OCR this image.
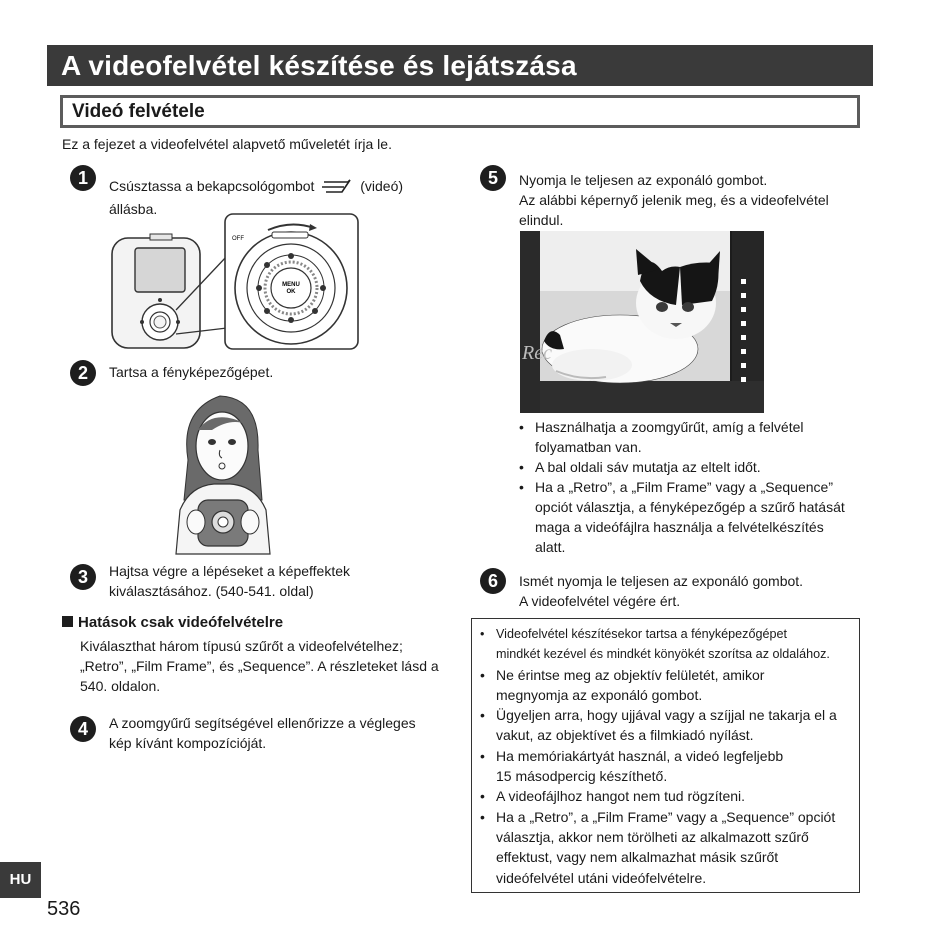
A videofelvétel készítése és lejátszása
Videó felvétele
Ez a fejezet a videofelvétel alapvető műveletét írja le.
1	Csúsztassa a bekapcsológombot	(videó)
állásba.
MENU
OK
OFF
2	Tartsa a fényképezőgépet.
3	Hajtsa végre a lépéseket a képeffektek
kiválasztásához. (540-541. oldal)
Hatások csak videófelvételre
Kiválaszthat három típusú szűrőt a videofelvételhez;
„Retro”, „Film Frame”, és „Sequence”. A részleteket lásd a
540. oldalon.
4	A zoomgyűrű segítségével ellenőrizze a végleges
kép kívánt kompozícióját.
5	Nyomja le teljesen az exponáló gombot.
Az alábbi képernyő jelenik meg, és a videofelvétel
elindul.
Rec
• Használhatja a zoomgyűrűt, amíg a felvétel
folyamatban van.
• A bal oldali sáv mutatja az eltelt időt.
• Ha a „Retro”, a „Film Frame” vagy a „Sequence”
opciót választja, a fényképezőgép a szűrő hatását
maga a videófájlra használja a felvételkészítés
alatt.
6	Ismét nyomja le teljesen az exponáló gombot.
A videofelvétel végére ért.
• Videofelvétel készítésekor tartsa a fényképezőgépet
mindkét kezével és mindkét könyökét szorítsa az oldalához.
• Ne érintse meg az objektív felületét, amikor
megnyomja az exponáló gombot.
• Ügyeljen arra, hogy ujjával vagy a szíjjal ne takarja el a
vakut, az objektívet és a filmkiadó nyílást.
• Ha memóriakártyát használ, a videó legfeljebb
15 másodpercig készíthető.
• A videofájlhoz hangot nem tud rögzíteni.
• Ha a „Retro”, a „Film Frame” vagy a „Sequence” opciót
választja, akkor nem törölheti az alkalmazott szűrő
effektust, vagy nem alkalmazhat másik szűrőt
videófelvétel utáni videófelvételre.
HU
536
